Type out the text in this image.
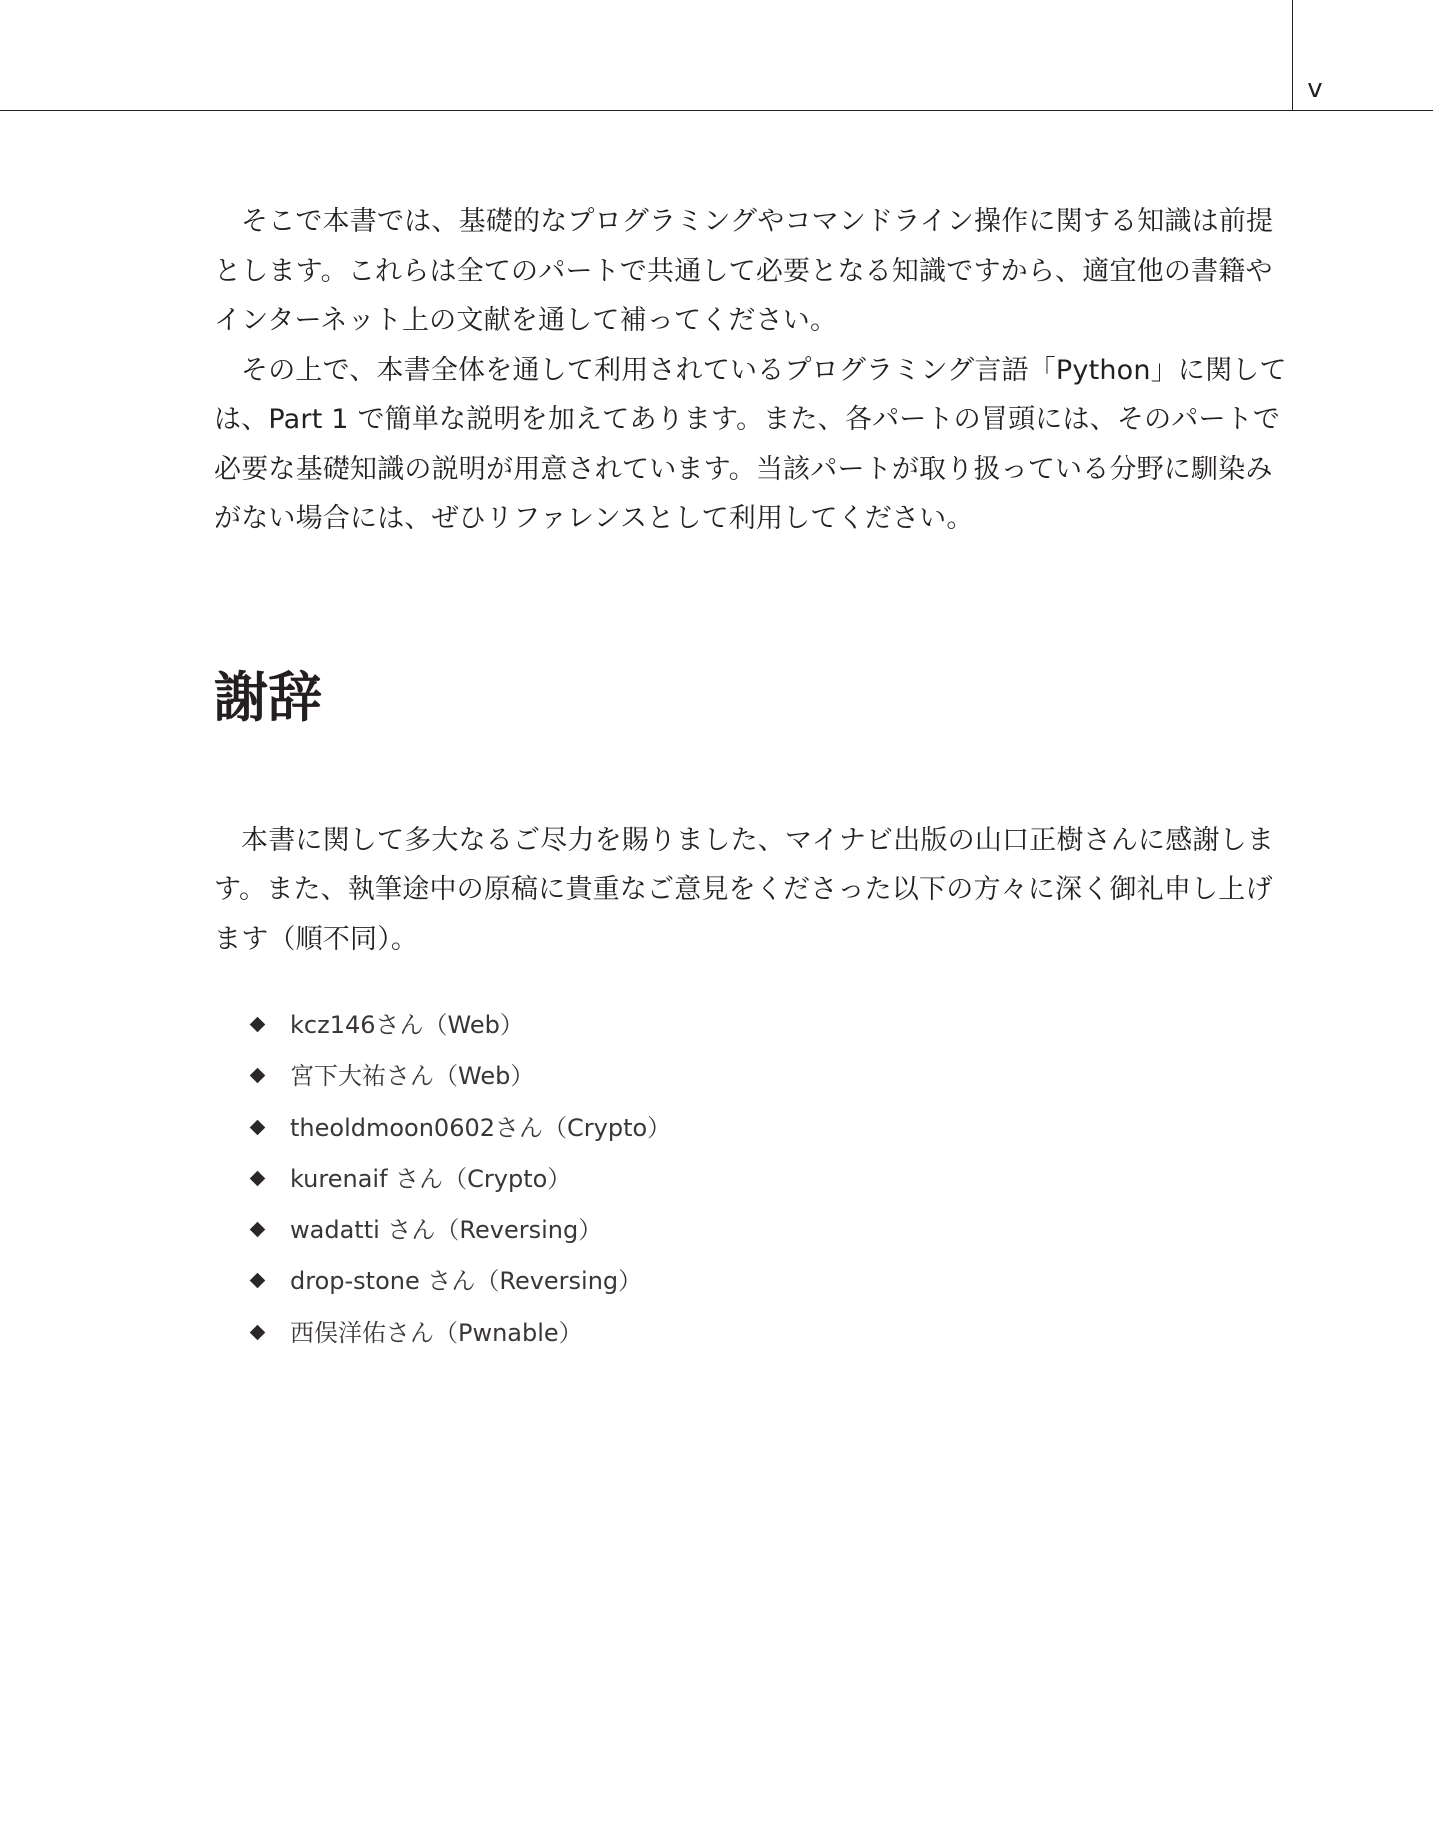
v

そこで本書では、基礎的なプログラミングやコマンドライン操作に関する知識は前提とします。これらは全てのパートで共通して必要となる知識ですから、適宜他の書籍やインターネット上の文献を通して補ってください。

その上で、本書全体を通して利用されているプログラミング言語「Python」に関しては、Part 1 で簡単な説明を加えてあります。また、各パートの冒頭には、そのパートで必要な基礎知識の説明が用意されています。当該パートが取り扱っている分野に馴染みがない場合には、ぜひリファレンスとして利用してください。

謝辞

本書に関して多大なるご尽力を賜りました、マイナビ出版の山口正樹さんに感謝します。また、執筆途中の原稿に貴重なご意見をくださった以下の方々に深く御礼申し上げます（順不同）。

kcz146さん（Web）
宮下大祐さん（Web）
theoldmoon0602さん（Crypto）
kurenaif さん（Crypto）
wadatti さん（Reversing）
drop-stone さん（Reversing）
西俣洋佑さん（Pwnable）
